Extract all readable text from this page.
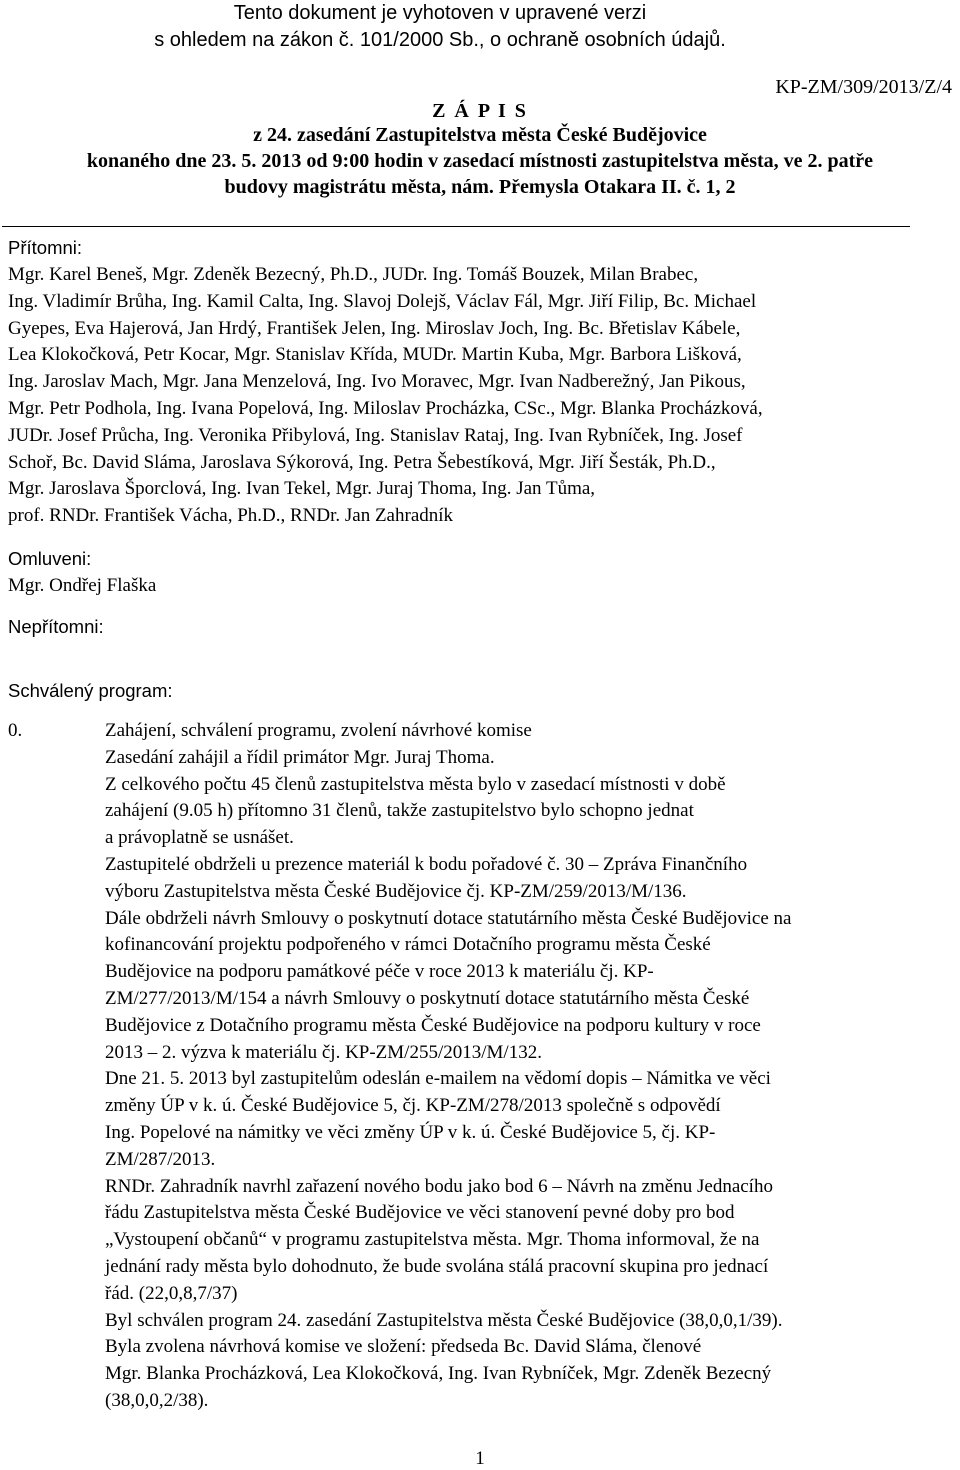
Tento dokument je vyhotoven v upravené verzi
s ohledem na zákon č. 101/2000 Sb., o ochraně osobních údajů.
KP-ZM/309/2013/Z/4
Z Á P I S
z 24. zasedání Zastupitelstva města České Budějovice
konaného dne 23. 5. 2013 od 9:00 hodin v zasedací místnosti zastupitelstva města, ve 2. patře
budovy magistrátu města, nám. Přemysla Otakara II. č. 1, 2
Přítomni:
Mgr. Karel Beneš, Mgr. Zdeněk Bezecný, Ph.D., JUDr. Ing. Tomáš Bouzek, Milan Brabec,
Ing. Vladimír Brůha, Ing. Kamil Calta, Ing. Slavoj Dolejš, Václav Fál, Mgr. Jiří Filip, Bc. Michael
Gyepes, Eva Hajerová, Jan Hrdý, František Jelen, Ing. Miroslav Joch, Ing. Bc. Břetislav Kábele,
Lea Klokočková, Petr Kocar, Mgr. Stanislav Křída, MUDr. Martin Kuba, Mgr. Barbora Lišková,
Ing. Jaroslav Mach, Mgr. Jana Menzelová, Ing. Ivo Moravec, Mgr. Ivan Nadberežný, Jan Pikous,
Mgr. Petr Podhola, Ing. Ivana Popelová, Ing. Miloslav Procházka, CSc., Mgr. Blanka Procházková,
JUDr. Josef Průcha, Ing. Veronika Přibylová, Ing. Stanislav Rataj, Ing. Ivan Rybníček, Ing. Josef
Schoř, Bc. David Sláma, Jaroslava Sýkorová, Ing. Petra Šebestíková, Mgr. Jiří Šesták, Ph.D.,
Mgr. Jaroslava Šporclová, Ing. Ivan Tekel, Mgr. Juraj Thoma, Ing. Jan Tůma,
prof. RNDr. František Vácha, Ph.D., RNDr. Jan Zahradník
Omluveni:
Mgr. Ondřej Flaška
Nepřítomni:
Schválený program:
0.	Zahájení, schválení programu, zvolení návrhové komise
Zasedání zahájil a řídil primátor Mgr. Juraj Thoma.
Z celkového počtu 45 členů zastupitelstva města bylo v zasedací místnosti v době
zahájení (9.05 h) přítomno 31 členů, takže zastupitelstvo bylo schopno jednat
a právoplatně se usnášet.
Zastupitelé obdrželi u prezence materiál k bodu pořadové č. 30 – Zpráva Finančního
výboru Zastupitelstva města České Budějovice čj. KP-ZM/259/2013/M/136.
Dále obdrželi návrh Smlouvy o poskytnutí dotace statutárního města České Budějovice na
kofinancování projektu podpořeného v rámci Dotačního programu města České
Budějovice na podporu památkové péče v roce 2013 k materiálu čj. KP-
ZM/277/2013/M/154 a návrh Smlouvy o poskytnutí dotace statutárního města České
Budějovice z Dotačního programu města České Budějovice na podporu kultury v roce
2013 – 2. výzva k materiálu čj. KP-ZM/255/2013/M/132.
Dne 21. 5. 2013 byl zastupitelům odeslán e-mailem na vědomí dopis – Námitka ve věci
změny ÚP v k. ú. České Budějovice 5, čj. KP-ZM/278/2013 společně s odpovědí
Ing. Popelové na námitky ve věci změny ÚP v k. ú. České Budějovice 5, čj. KP-
ZM/287/2013.
RNDr. Zahradník navrhl zařazení nového bodu jako bod 6 – Návrh na změnu Jednacího
řádu Zastupitelstva města České Budějovice ve věci stanovení pevné doby pro bod
„Vystoupení občanů“ v programu zastupitelstva města. Mgr. Thoma informoval, že na
jednání rady města bylo dohodnuto, že bude svolána stálá pracovní skupina pro jednací
řád. (22,0,8,7/37)
Byl schválen program 24. zasedání Zastupitelstva města České Budějovice (38,0,0,1/39).
Byla zvolena návrhová komise ve složení: předseda Bc. David Sláma, členové
Mgr. Blanka Procházková, Lea Klokočková, Ing. Ivan Rybníček, Mgr. Zdeněk Bezecný
(38,0,0,2/38).
1
